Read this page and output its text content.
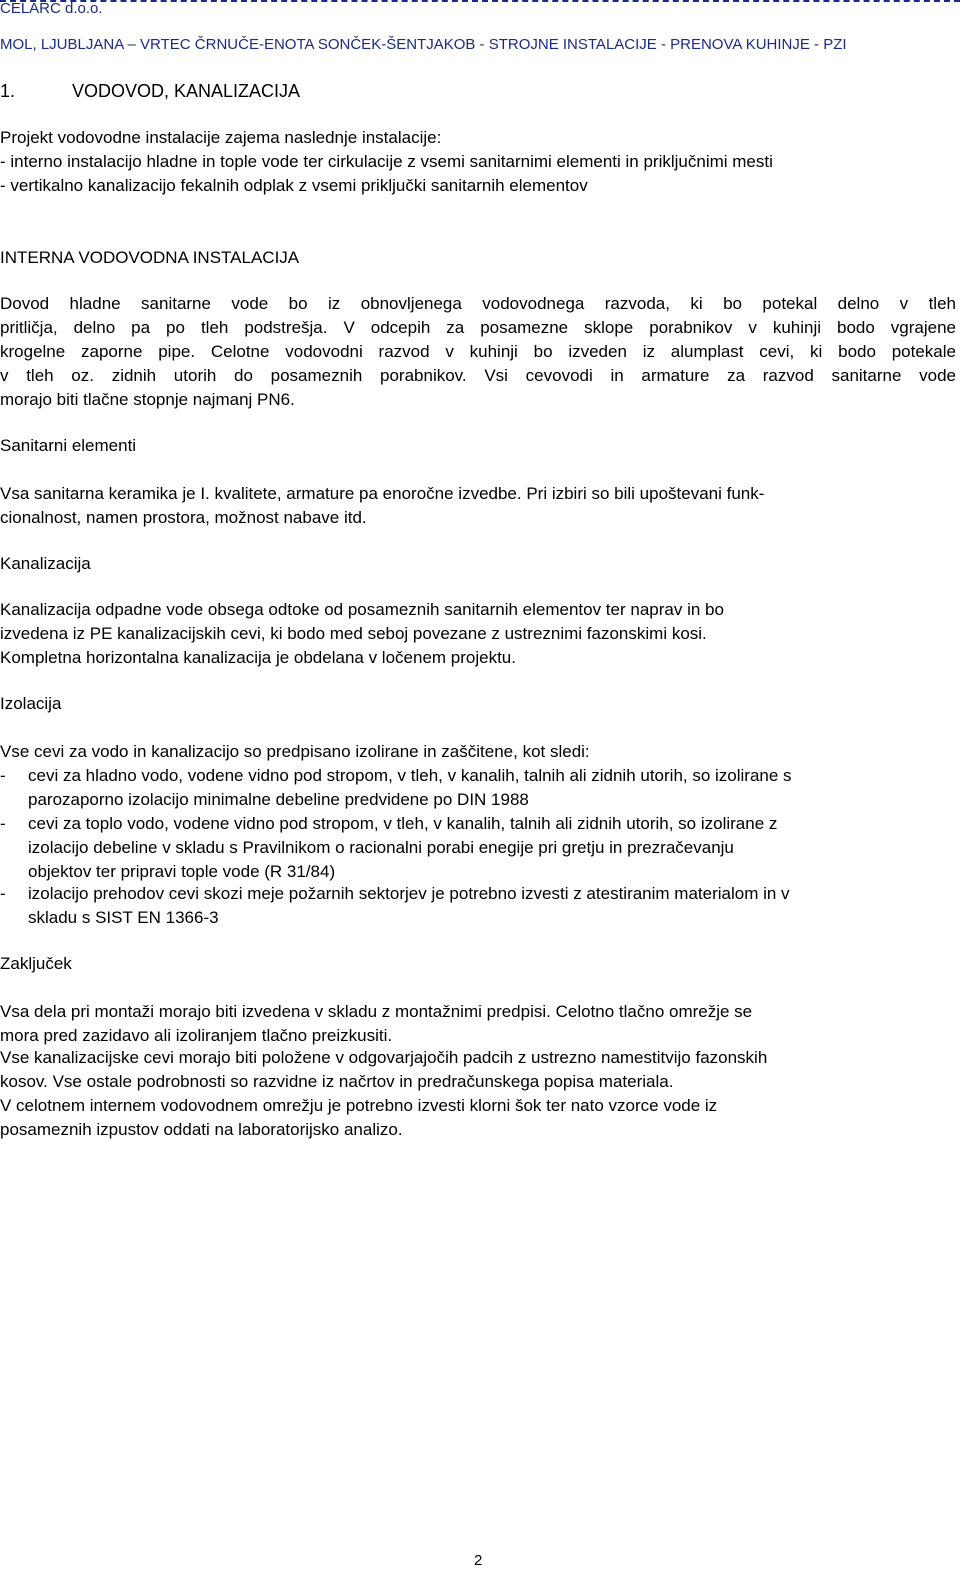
CELARC d.o.o.
MOL, LJUBLJANA – VRTEC ČRNUČE-ENOTA SONČEK-ŠENTJAKOB - STROJNE INSTALACIJE - PRENOVA KUHINJE - PZI
1.	VODOVOD, KANALIZACIJA
Projekt vodovodne instalacije zajema naslednje instalacije:
- interno instalacijo hladne in tople vode ter cirkulacije z vsemi sanitarnimi elementi in priključnimi mesti
- vertikalno kanalizacijo fekalnih odplak z vsemi priključki sanitarnih elementov
INTERNA VODOVODNA INSTALACIJA
Dovod hladne sanitarne vode bo iz obnovljenega vodovodnega razvoda, ki bo potekal delno v tleh
pritličja, delno pa po tleh podstrešja. V odcepih za posamezne sklope porabnikov v kuhinji bodo vgrajene
krogelne zaporne pipe. Celotne vodovodni razvod v kuhinji bo izveden iz alumplast cevi, ki bodo potekale
v tleh oz. zidnih utorih do posameznih porabnikov. Vsi cevovodi in armature za razvod sanitarne vode
morajo biti tlačne stopnje najmanj PN6.
Sanitarni elementi
Vsa sanitarna keramika je I. kvalitete, armature pa enoročne izvedbe. Pri izbiri so bili upoštevani funk-
cionalnost, namen prostora, možnost nabave itd.
Kanalizacija
Kanalizacija odpadne vode obsega odtoke od posameznih sanitarnih elementov ter naprav in bo
izvedena iz PE kanalizacijskih cevi, ki bodo med seboj povezane z ustreznimi fazonskimi kosi.
Kompletna horizontalna kanalizacija je obdelana v ločenem projektu.
Izolacija
Vse cevi za vodo in kanalizacijo so predpisano izolirane in zaščitene, kot sledi:
- cevi za hladno vodo, vodene vidno pod stropom, v tleh, v kanalih, talnih ali zidnih utorih, so izolirane s
parozaporno izolacijo minimalne debeline predvidene po DIN 1988
- cevi za toplo vodo, vodene vidno pod stropom, v tleh, v kanalih, talnih ali zidnih utorih, so izolirane z
izolacijo debeline v skladu s Pravilnikom o racionalni porabi enegije pri gretju in prezračevanju
objektov ter pripravi tople vode (R 31/84)
- izolacijo prehodov cevi skozi meje požarnih sektorjev je potrebno izvesti z atestiranim materialom in v
skladu s SIST EN 1366-3
Zaključek
Vsa dela pri montaži morajo biti izvedena v skladu z montažnimi predpisi. Celotno tlačno omrežje se
mora pred zazidavo ali izoliranjem tlačno preizkusiti.
Vse kanalizacijske cevi morajo biti položene v odgovarjajočih padcih z ustrezno namestitvijo fazonskih
kosov. Vse ostale podrobnosti so razvidne iz načrtov in predračunskega popisa materiala.
V celotnem internem vodovodnem omrežju je potrebno izvesti klorni šok ter nato vzorce vode iz
posameznih izpustov oddati na laboratorijsko analizo.
2
